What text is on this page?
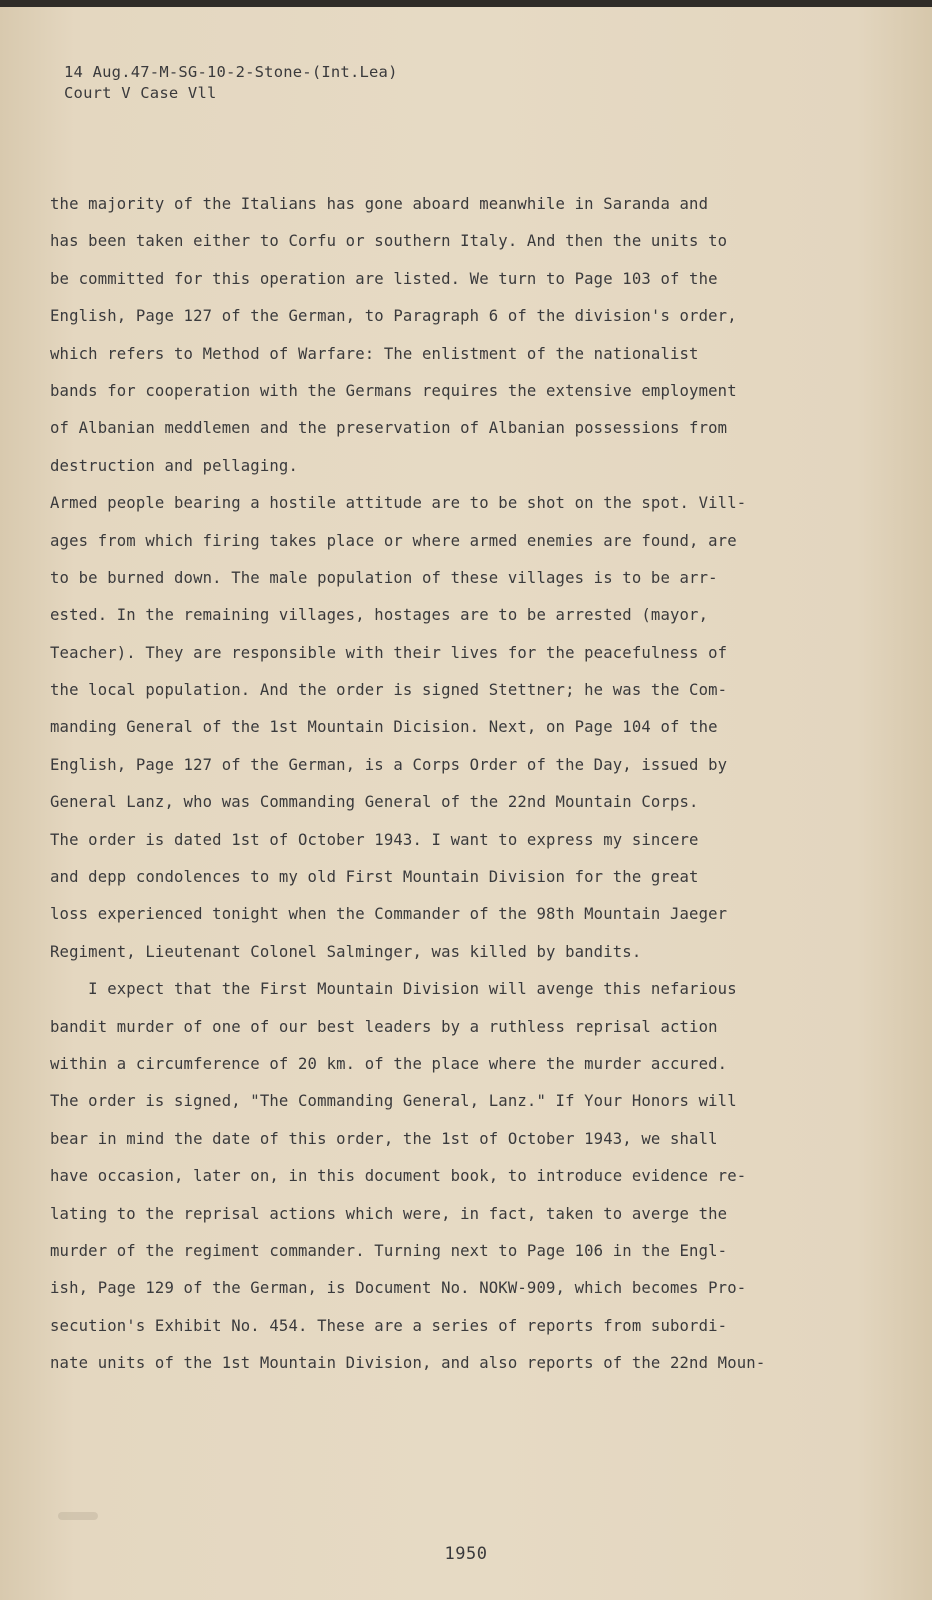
14 Aug.47-M-SG-10-2-Stone-(Int.Lea)
Court V Case Vll
the majority of the Italians has gone aboard meanwhile in Saranda and
has been taken either to Corfu or southern Italy. And then the units to
be committed for this operation are listed. We turn to Page 103 of the
English, Page 127 of the German, to Paragraph 6 of the division's order,
which refers to Method of Warfare: The enlistment of the nationalist
bands for cooperation with the Germans requires the extensive employment
of Albanian meddlemen and the preservation of Albanian possessions from
destruction and pellaging.
Armed people bearing a hostile attitude are to be shot on the spot. Vill-
ages from which firing takes place or where armed enemies are found, are
to be burned down. The male population of these villages is to be arr-
ested. In the remaining villages, hostages are to be arrested (mayor,
Teacher). They are responsible with their lives for the peacefulness of
the local population. And the order is signed Stettner; he was the Com-
manding General of the 1st Mountain Dicision. Next, on Page 104 of the
English, Page 127 of the German, is a Corps Order of the Day, issued by
General Lanz, who was Commanding General of the 22nd Mountain Corps.
The order is dated 1st of October 1943. I want to express my sincere
and depp condolences to my old First Mountain Division for the great
loss experienced tonight when the Commander of the 98th Mountain Jaeger
Regiment, Lieutenant Colonel Salminger, was killed by bandits.
I expect that the First Mountain Division will avenge this nefarious
bandit murder of one of our best leaders by a ruthless reprisal action
within a circumference of 20 km. of the place where the murder accured.
The order is signed, "The Commanding General, Lanz." If Your Honors will
bear in mind the date of this order, the 1st of October 1943, we shall
have occasion, later on, in this document book, to introduce evidence re-
lating to the reprisal actions which were, in fact, taken to averge the
murder of the regiment commander. Turning next to Page 106 in the Engl-
ish, Page 129 of the German, is Document No. NOKW-909, which becomes Pro-
secution's Exhibit No. 454. These are a series of reports from subordi-
nate units of the 1st Mountain Division, and also reports of the 22nd Moun-
1950
